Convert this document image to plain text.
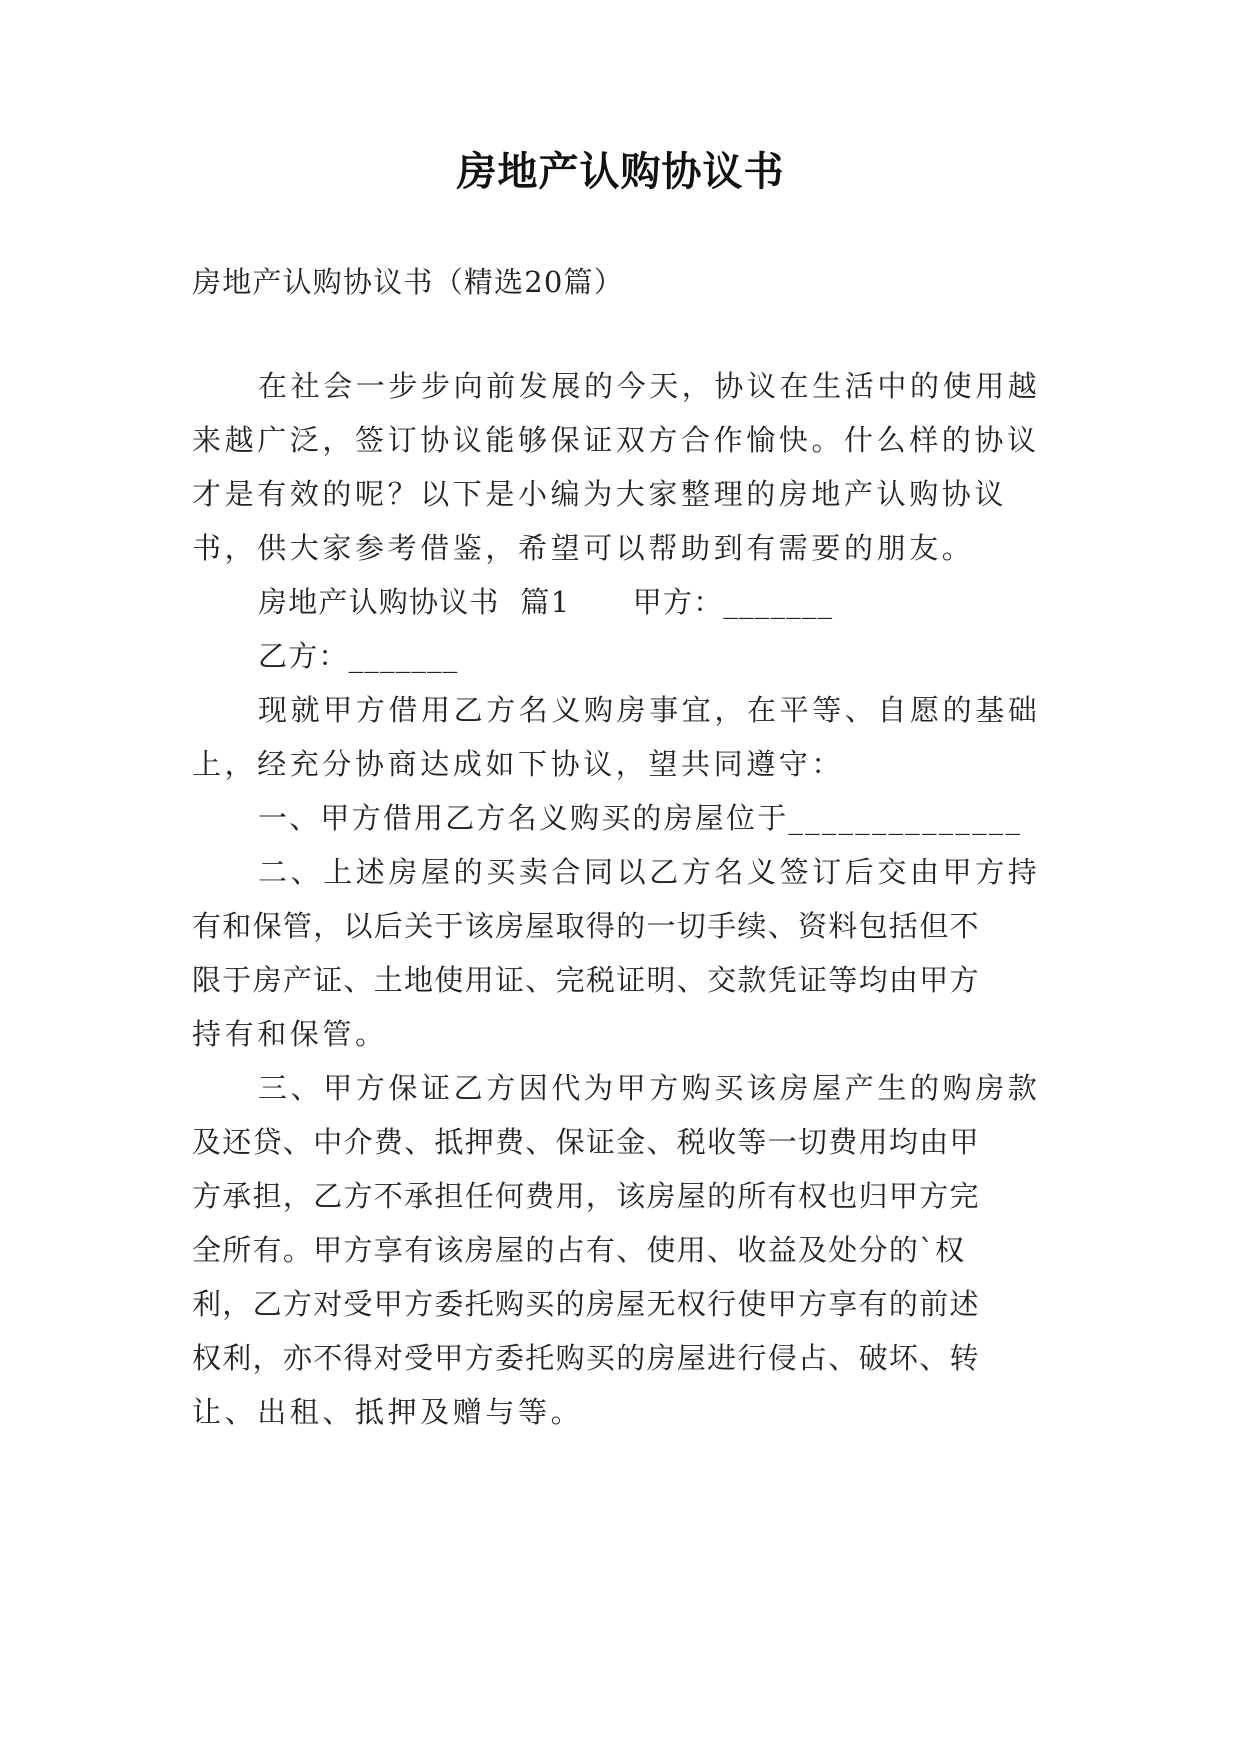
房地产认购协议书
房地产认购协议书（精选20篇）
在社会一步步向前发展的今天，协议在生活中的使用越
来越广泛，签订协议能够保证双方合作愉快。什么样的协议
才是有效的呢？以下是小编为大家整理的房地产认购协议
书，供大家参考借鉴，希望可以帮助到有需要的朋友。
房地产认购协议书  篇1      甲方：_______
乙方：_______
现就甲方借用乙方名义购房事宜，在平等、自愿的基础
上，经充分协商达成如下协议，望共同遵守：
一、甲方借用乙方名义购买的房屋位于______________
二、上述房屋的买卖合同以乙方名义签订后交由甲方持
有和保管，以后关于该房屋取得的一切手续、资料包括但不
限于房产证、土地使用证、完税证明、交款凭证等均由甲方
持有和保管。
三、甲方保证乙方因代为甲方购买该房屋产生的购房款
及还贷、中介费、抵押费、保证金、税收等一切费用均由甲
方承担，乙方不承担任何费用，该房屋的所有权也归甲方完
全所有。甲方享有该房屋的占有、使用、收益及处分的`权
利，乙方对受甲方委托购买的房屋无权行使甲方享有的前述
权利，亦不得对受甲方委托购买的房屋进行侵占、破坏、转
让、出租、抵押及赠与等。
